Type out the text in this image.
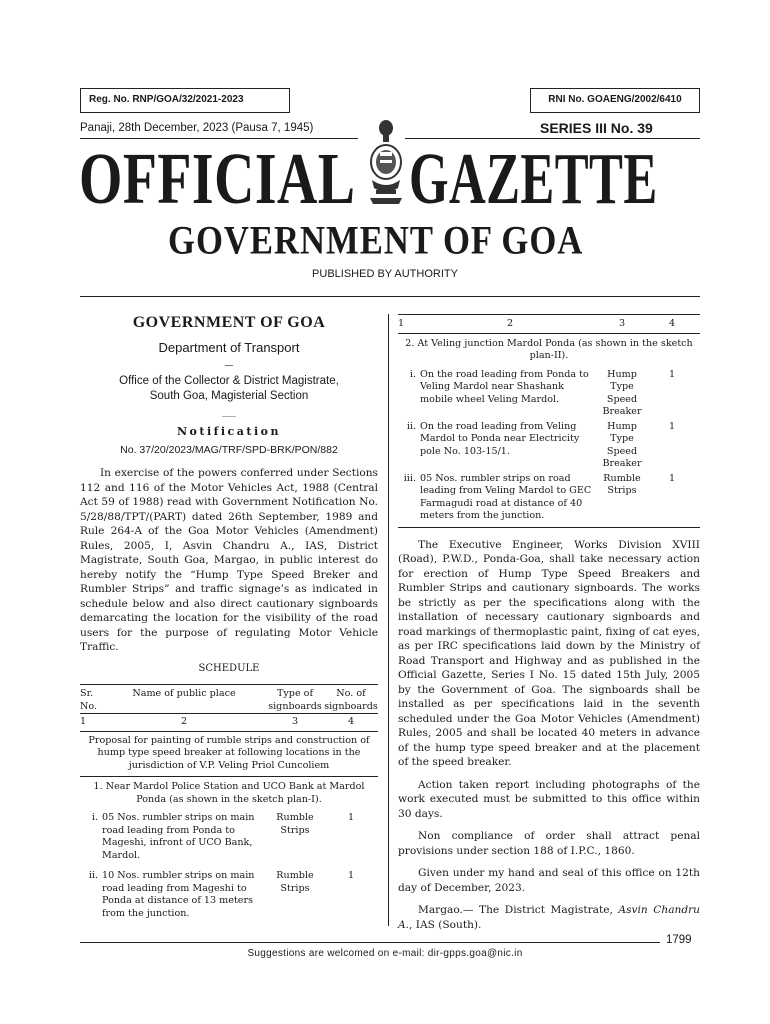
Reg. No. RNP/GOA/32/2021-2023	RNI No. GOAENG/2002/6410
Panaji, 28th December, 2023 (Pausa 7, 1945)	SERIES III No. 39
OFFICIAL GAZETTE
GOVERNMENT OF GOA
PUBLISHED BY AUTHORITY
GOVERNMENT OF GOA
Department of Transport
—
Office of the Collector & District Magistrate,
South Goa, Magisterial Section
___
Notification
No. 37/20/2023/MAG/TRF/SPD-BRK/PON/882
In exercise of the powers conferred under Sections 112 and 116 of the Motor Vehicles Act, 1988 (Central Act 59 of 1988) read with Government Notification No. 5/28/88/TPT/(PART) dated 26th September, 1989 and Rule 264-A of the Goa Motor Vehicles (Amendment) Rules, 2005, I, Asvin Chandru A., IAS, District Magistrate, South Goa, Margao, in public interest do hereby notify the “Hump Type Speed Breker and Rumbler Strips” and traffic signage’s as indicated in schedule below and also direct cautionary signboards demarcating the location for the visibility of the road users for the purpose of regulating Motor Vehicle Traffic.
SCHEDULE
Sr. No.	Name of public place	Type of signboards	No. of signboards
1	2	3	4
Proposal for painting of rumble strips and construction of hump type speed breaker at following locations in the jurisdiction of V.P. Veling Priol Cuncoliem			
1. Near Mardol Police Station and UCO Bank at Mardol Ponda (as shown in the sketch plan-I).			
i.	05 Nos. rumbler strips on main road leading from Ponda to Mageshi, infront of UCO Bank, Mardol.	Rumble Strips	1
ii.	10 Nos. rumbler strips on main road leading from Mageshi to Ponda at distance of 13 meters from the junction.	Rumble Strips	1
1	2	3	4
2. At Veling junction Mardol Ponda (as shown in the sketch plan-II).			
i.	On the road leading from Ponda to Veling Mardol near Shashank mobile wheel Veling Mardol.	Hump Type Speed Breaker	1
ii.	On the road leading from Veling Mardol to Ponda near Electricity pole No. 103-15/1.	Hump Type Speed Breaker	1
iii.	05 Nos. rumbler strips on road leading from Veling Mardol to GEC Farmagudi road at distance of 40 meters from the junction.	Rumble Strips	1
The Executive Engineer, Works Division XVIII (Road), P.W.D., Ponda-Goa, shall take necessary action for erection of Hump Type Speed Breakers and Rumbler Strips and cautionary signboards. The works be strictly as per the specifications along with the installation of necessary cautionary signboards and road markings of thermoplastic paint, fixing of cat eyes, as per IRC specifications laid down by the Ministry of Road Transport and Highway and as published in the Official Gazette, Series I No. 15 dated 15th July, 2005 by the Government of Goa. The signboards shall be installed as per specifications laid in the seventh scheduled under the Goa Motor Vehicles (Amendment) Rules, 2005 and shall be located 40 meters in advance of the hump type speed breaker and at the placement of the speed breaker.
Action taken report including photographs of the work executed must be submitted to this office within 30 days.
Non compliance of order shall attract penal provisions under section 188 of I.P.C., 1860.
Given under my hand and seal of this office on 12th day of December, 2023.
Margao.— The District Magistrate, Asvin Chandru A., IAS (South).
1799
Suggestions are welcomed on e-mail: dir-gpps.goa@nic.in
